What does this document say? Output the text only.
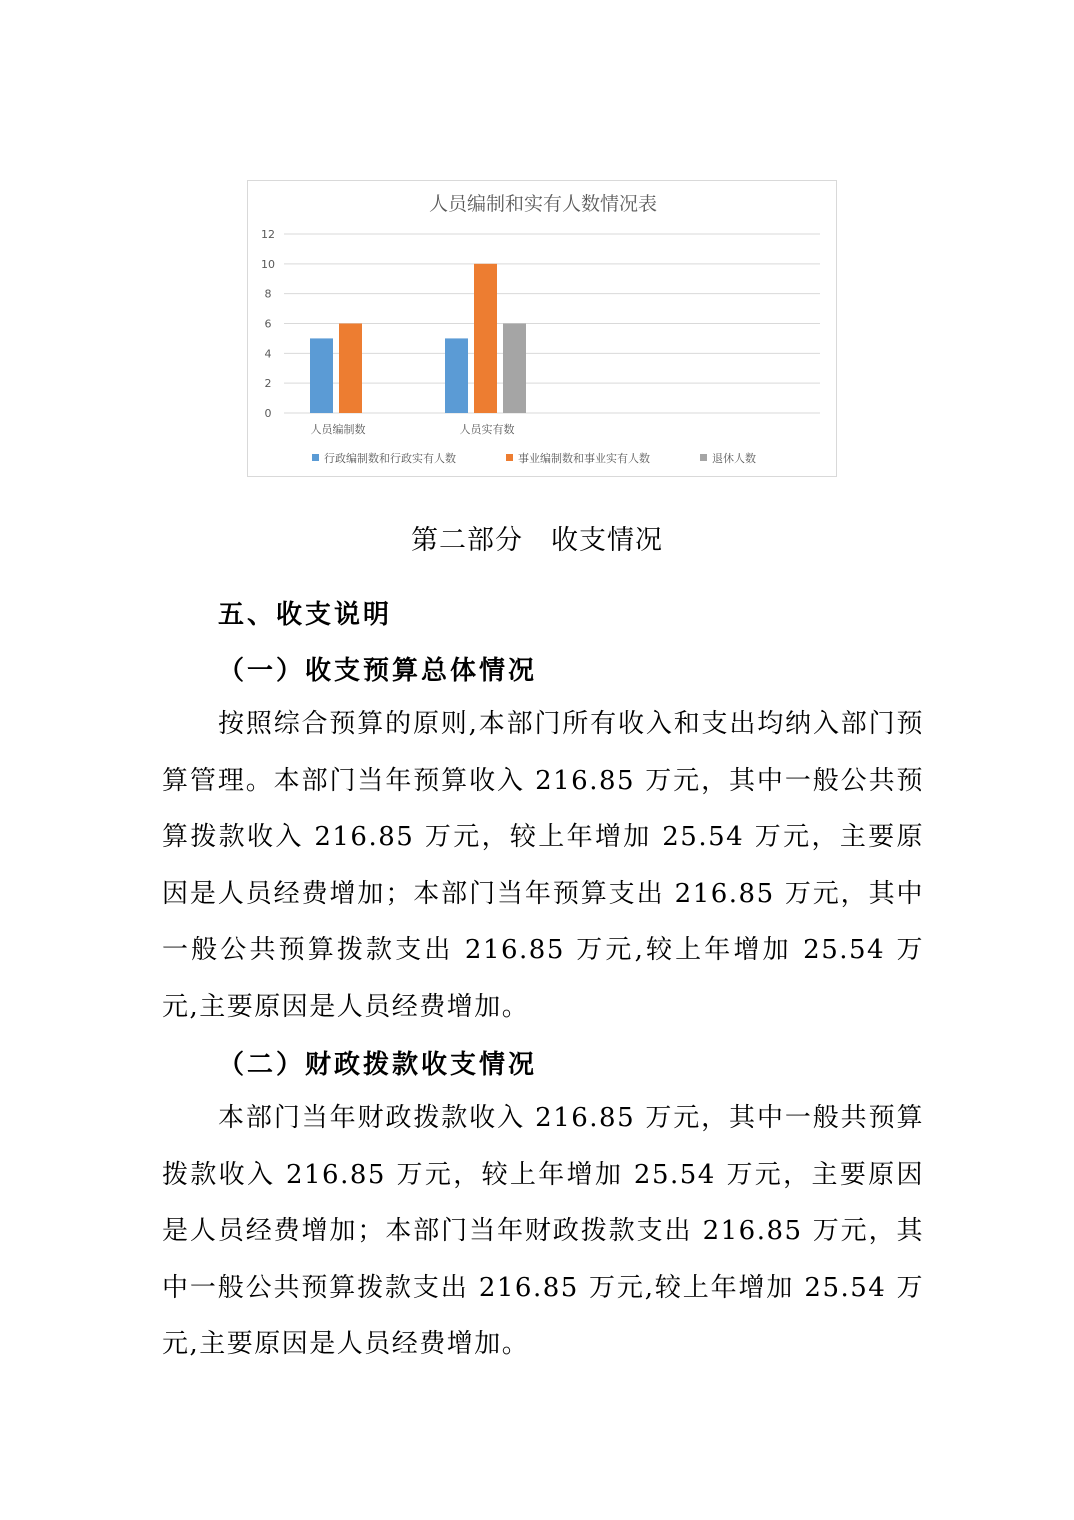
人员编制和实有人数情况表
0
2
4
6
8
10
12
人员编制数	人员实有数
行政编制数和行政实有人数	事业编制数和事业实有人数	退休人数
第二部分　收支情况
五、收支说明
（一）收支预算总体情况

按照综合预算的原则,本部门所有收入和支出均纳入部门预算管理。本部门当年预算收入 216.85 万元，其中一般公共预算拨款收入 216.85 万元，较上年增加 25.54 万元，主要原因是人员经费增加；本部门当年预算支出 216.85 万元，其中一般公共预算拨款支出 216.85 万元,较上年增加 25.54 万元,主要原因是人员经费增加。

（二）财政拨款收支情况

本部门当年财政拨款收入 216.85 万元，其中一般共预算拨款收入 216.85 万元，较上年增加 25.54 万元，主要原因是人员经费增加；本部门当年财政拨款支出 216.85 万元，其中一般公共预算拨款支出 216.85 万元,较上年增加 25.54 万元,主要原因是人员经费增加。
